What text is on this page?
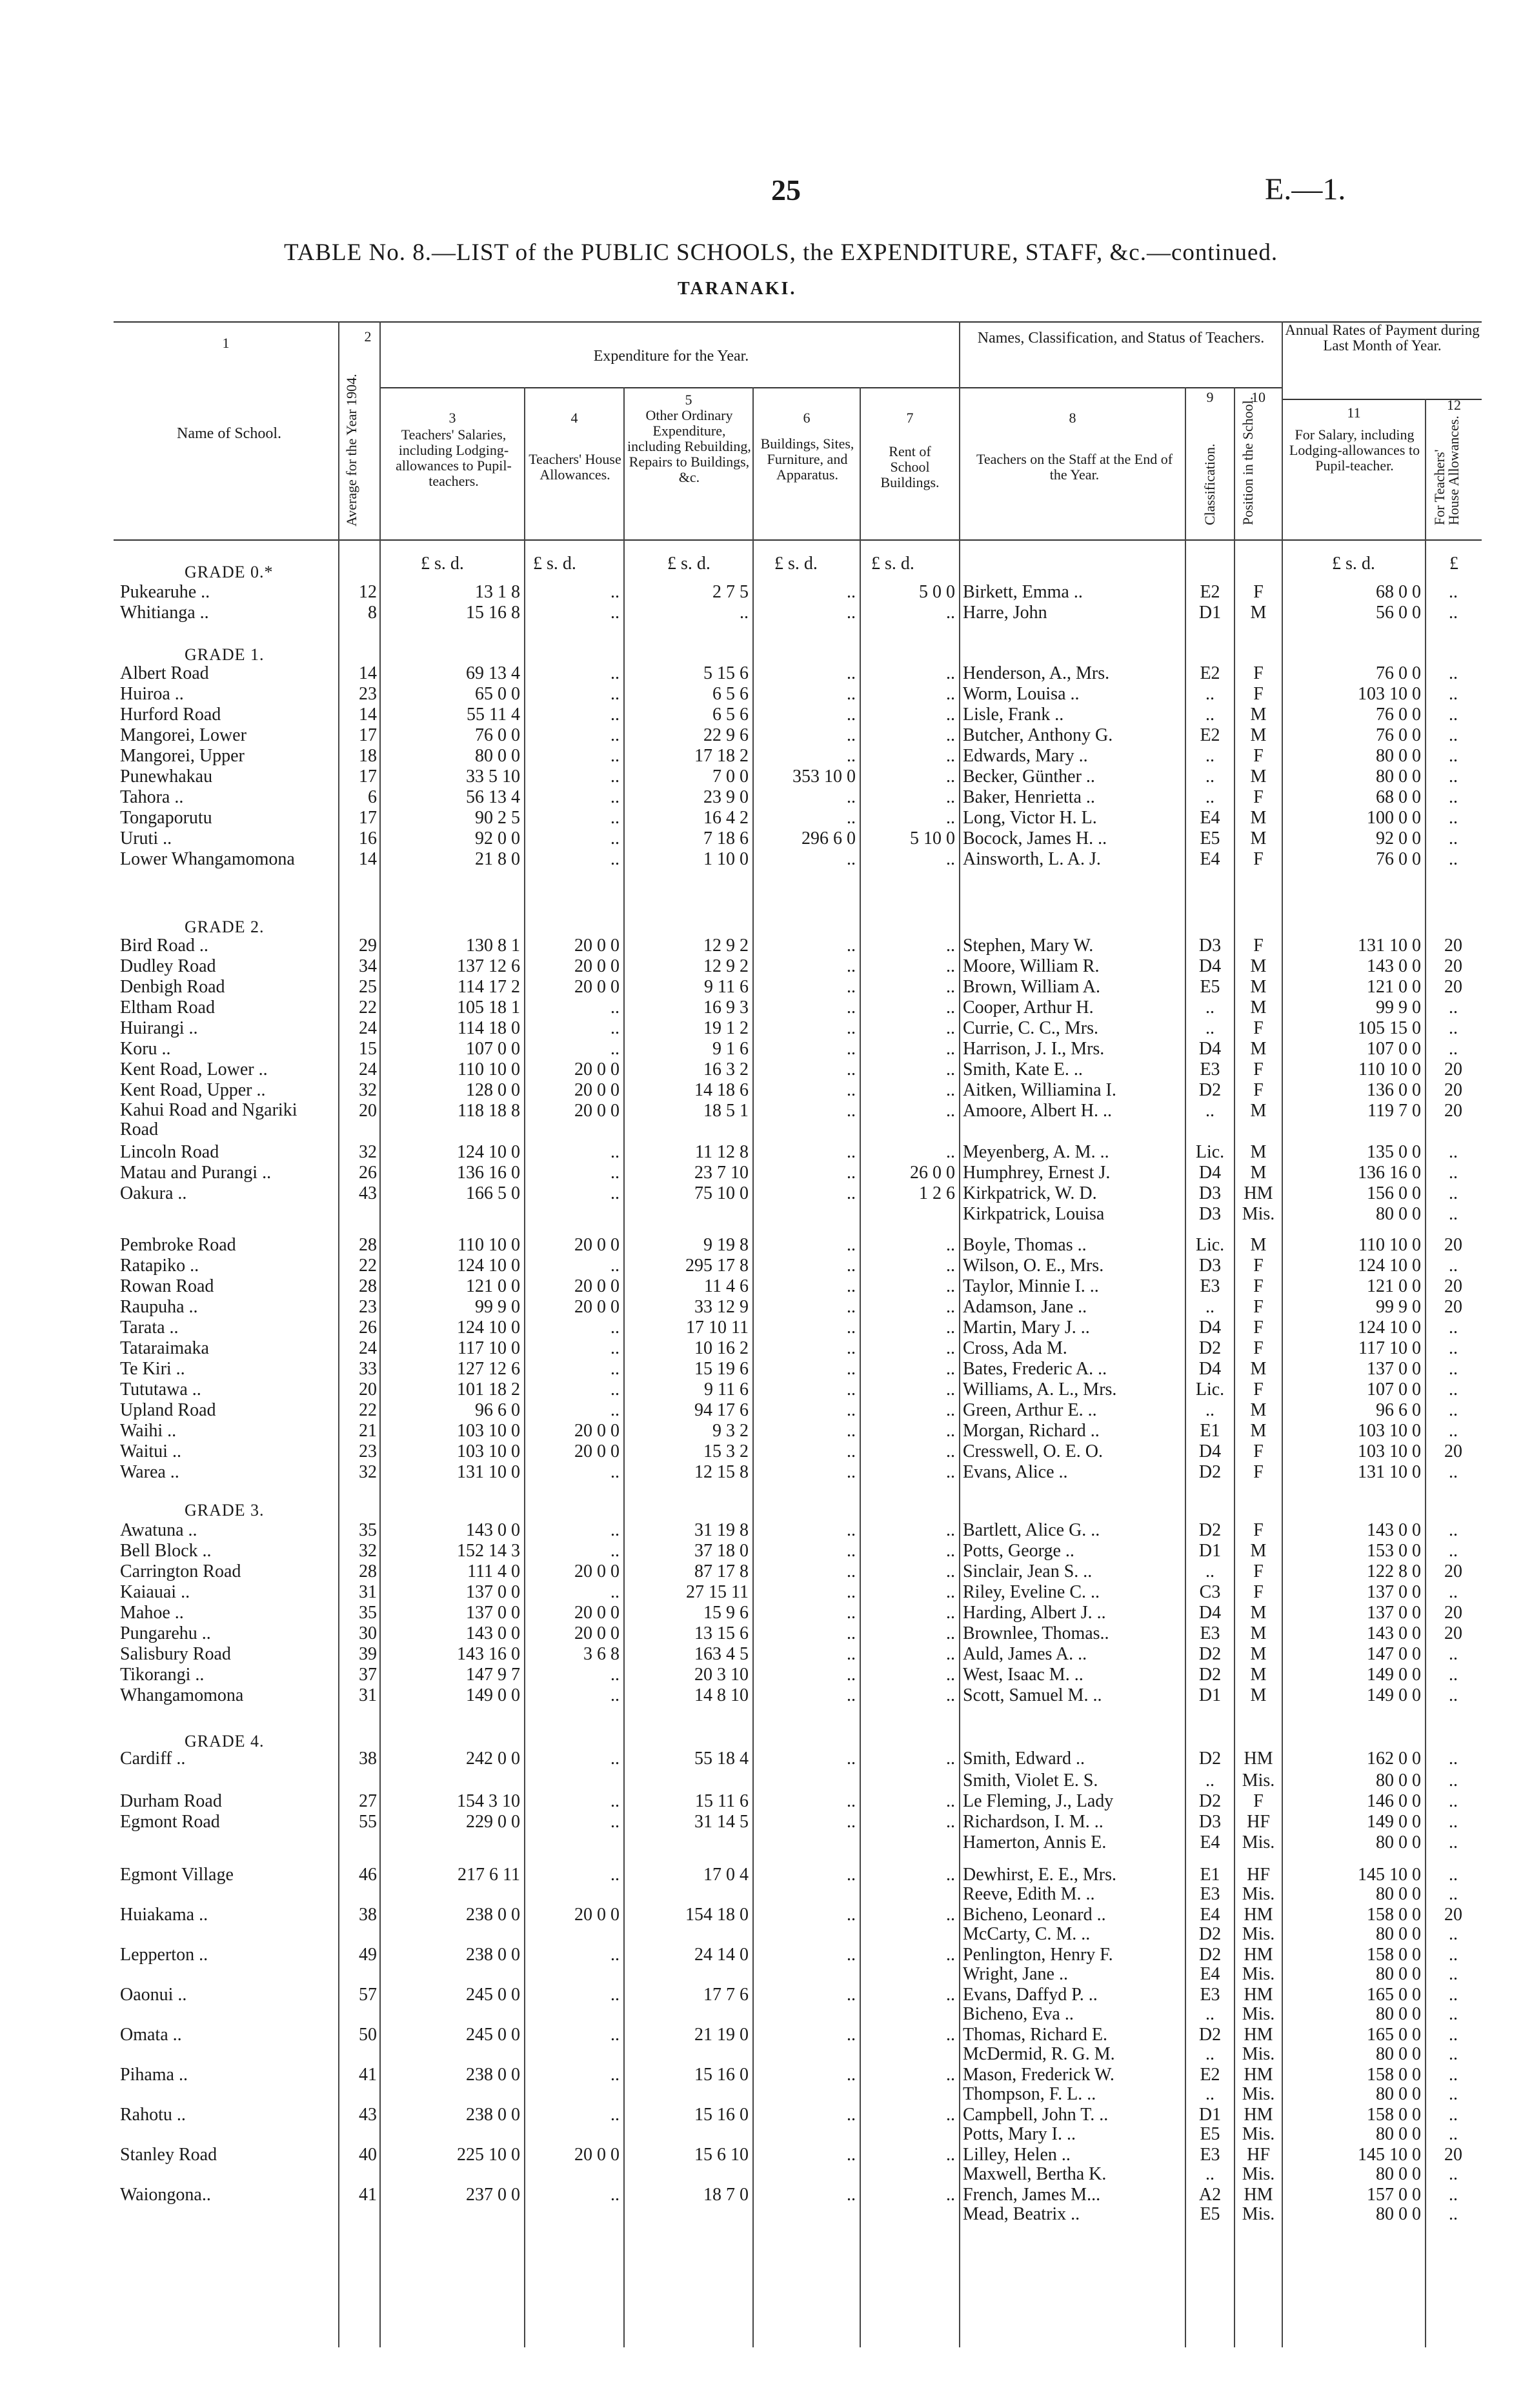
25	E.—1.
TABLE No. 8.—LIST of the PUBLIC SCHOOLS, the EXPENDITURE, STAFF, &c.—continued.
TARANAKI.
1
Name of School.	Average for the Year 1904.
2
Expenditure for the Year.
Names, Classification, and Status of Teachers.	Annual Rates of Payment during Last Month of Year.
3
Teachers' Salaries, including Lodging-allowances to Pupil-teachers.
4
Teachers' House Allowances.
5
Other Ordinary Expenditure, including Rebuilding, Repairs to Buildings, &c.
6
Buildings, Sites, Furniture, and Apparatus.
7
Rent of School Buildings.
8
Teachers on the Staff at the End of the Year.
9
Classification.
10
Position in the School.	11
For Salary, including Lodging-allowances to Pupil-teacher.
12
For Teachers' House Allowances.
£ s. d.	£ s. d.	£ s. d.	£ s. d.	£ s. d.	£ s. d.	£
GRADE 0.*
GRADE 1.
GRADE 2.
GRADE 3.
GRADE 4.
Pukearuhe ..	12	13 1 8	..	2 7 5	..	5 0 0 Birkett, Emma ..	E2	F	68 0 0	..
Whitianga ..	8	15 16 8	..	..	..	.. Harre, John	D1	M	56 0 0	..
Albert Road	14	69 13 4	..	5 15 6	..	.. Henderson, A., Mrs.	E2	F	76 0 0	..
Huiroa ..	23	65 0 0	..	6 5 6	..	.. Worm, Louisa ..	..	F	103 10 0	..
Hurford Road	14	55 11 4	..	6 5 6	..	.. Lisle, Frank ..	..	M	76 0 0	..
Mangorei, Lower	17	76 0 0	..	22 9 6	..	.. Butcher, Anthony G.	E2	M	76 0 0	..
Mangorei, Upper	18	80 0 0	..	17 18 2	..	.. Edwards, Mary ..	..	F	80 0 0	..
Punewhakau	17	33 5 10	..	7 0 0	353 10 0	.. Becker, Günther ..	..	M	80 0 0	..
Tahora ..	6	56 13 4	..	23 9 0	..	.. Baker, Henrietta ..	..	F	68 0 0	..
Tongaporutu	17	90 2 5	..	16 4 2	..	.. Long, Victor H. L.	E4	M	100 0 0	..
Uruti ..	16	92 0 0	..	7 18 6	296 6 0	5 10 0 Bocock, James H. ..	E5	M	92 0 0	..
Lower Whangamomona	14	21 8 0	..	1 10 0	..	.. Ainsworth, L. A. J.	E4	F	76 0 0	..
Bird Road ..	29	130 8 1	20 0 0	12 9 2	..	.. Stephen, Mary W.	D3	F	131 10 0	20
Dudley Road	34	137 12 6	20 0 0	12 9 2	..	.. Moore, William R.	D4	M	143 0 0	20
Denbigh Road	25	114 17 2	20 0 0	9 11 6	..	.. Brown, William A.	E5	M	121 0 0	20
Eltham Road	22	105 18 1	..	16 9 3	..	.. Cooper, Arthur H.	..	M	99 9 0	..
Huirangi ..	24	114 18 0	..	19 1 2	..	.. Currie, C. C., Mrs.	..	F	105 15 0	..
Koru ..	15	107 0 0	..	9 1 6	..	.. Harrison, J. I., Mrs.	D4	M	107 0 0	..
Kent Road, Lower ..	24	110 10 0	20 0 0	16 3 2	..	.. Smith, Kate E. ..	E3	F	110 10 0	20
Kent Road, Upper ..	32	128 0 0	20 0 0	14 18 6	..	.. Aitken, Williamina I.	D2	F	136 0 0	20
Kahui Road and Ngariki Road
20	118 18 8	20 0 0	18 5 1	..	.. Amoore, Albert H. ..	..	M	119 7 0	20
Lincoln Road	32	124 10 0	..	11 12 8	..	.. Meyenberg, A. M. ..	Lic.	M	135 0 0	..
Matau and Purangi ..	26	136 16 0	..	23 7 10	..	26 0 0 Humphrey, Ernest J.	D4	M	136 16 0	..
Oakura ..	43	166 5 0	..	75 10 0	..	1 2 6 Kirkpatrick, W. D.	D3	HM	156 0 0	..
Kirkpatrick, Louisa	D3	Mis.	80 0 0	..
Pembroke Road	28	110 10 0	20 0 0	9 19 8	..	.. Boyle, Thomas ..	Lic.	M	110 10 0	20
Ratapiko ..	22	124 10 0	..	295 17 8	..	.. Wilson, O. E., Mrs.	D3	F	124 10 0	..
Rowan Road	28	121 0 0	20 0 0	11 4 6	..	.. Taylor, Minnie I. ..	E3	F	121 0 0	20
Raupuha ..	23	99 9 0	20 0 0	33 12 9	..	.. Adamson, Jane ..	..	F	99 9 0	20
Tarata ..	26	124 10 0	..	17 10 11	..	.. Martin, Mary J. ..	D4	F	124 10 0	..
Tataraimaka	24	117 10 0	..	10 16 2	..	.. Cross, Ada M.	D2	F	117 10 0	..
Te Kiri ..	33	127 12 6	..	15 19 6	..	.. Bates, Frederic A. ..	D4	M	137 0 0	..
Tututawa ..	20	101 18 2	..	9 11 6	..	.. Williams, A. L., Mrs.	Lic.	F	107 0 0	..
Upland Road	22	96 6 0	..	94 17 6	..	.. Green, Arthur E. ..	..	M	96 6 0	..
Waihi ..	21	103 10 0	20 0 0	9 3 2	..	.. Morgan, Richard ..	E1	M	103 10 0	..
Waitui ..	23	103 10 0	20 0 0	15 3 2	..	.. Cresswell, O. E. O.	D4	F	103 10 0	20
Warea ..	32	131 10 0	..	12 15 8	..	.. Evans, Alice ..	D2	F	131 10 0	..
Awatuna ..	35	143 0 0	..	31 19 8	..	.. Bartlett, Alice G. ..	D2	F	143 0 0	..
Bell Block ..	32	152 14 3	..	37 18 0	..	.. Potts, George ..	D1	M	153 0 0	..
Carrington Road	28	111 4 0	20 0 0	87 17 8	..	.. Sinclair, Jean S. ..	..	F	122 8 0	20
Kaiauai ..	31	137 0 0	..	27 15 11	..	.. Riley, Eveline C. ..	C3	F	137 0 0	..
Mahoe ..	35	137 0 0	20 0 0	15 9 6	..	.. Harding, Albert J. ..	D4	M	137 0 0	20
Pungarehu ..	30	143 0 0	20 0 0	13 15 6	..	.. Brownlee, Thomas..	E3	M	143 0 0	20
Salisbury Road	39	143 16 0	3 6 8	163 4 5	..	.. Auld, James A. ..	D2	M	147 0 0	..
Tikorangi ..	37	147 9 7	..	20 3 10	..	.. West, Isaac M. ..	D2	M	149 0 0	..
Whangamomona	31	149 0 0	..	14 8 10	..	.. Scott, Samuel M. ..	D1	M	149 0 0	..
Cardiff ..	38	242 0 0	..	55 18 4	..	.. Smith, Edward ..	D2	HM	162 0 0	..
Smith, Violet E. S.	..	Mis.	80 0 0	..
Durham Road	27	154 3 10	..	15 11 6	..	.. Le Fleming, J., Lady	D2	F	146 0 0	..
Egmont Road	55	229 0 0	..	31 14 5	..	.. Richardson, I. M. ..	D3	HF	149 0 0	..
Hamerton, Annis E.	E4	Mis.	80 0 0	..
Egmont Village	46	217 6 11	..	17 0 4	..	.. Dewhirst, E. E., Mrs.	E1	HF	145 10 0	..
Reeve, Edith M. ..	E3	Mis.	80 0 0	..
Huiakama ..	38	238 0 0	20 0 0	154 18 0	..	.. Bicheno, Leonard ..	E4	HM	158 0 0	20
McCarty, C. M. ..	D2	Mis.	80 0 0	..
Lepperton ..	49	238 0 0	..	24 14 0	..	.. Penlington, Henry F.	D2	HM	158 0 0	..
Wright, Jane ..	E4	Mis.	80 0 0	..
Oaonui ..	57	245 0 0	..	17 7 6	..	.. Evans, Daffyd P. ..	E3	HM	165 0 0	..
Bicheno, Eva ..	..	Mis.	80 0 0	..
Omata ..	50	245 0 0	..	21 19 0	..	.. Thomas, Richard E.	D2	HM	165 0 0	..
McDermid, R. G. M.	..	Mis.	80 0 0	..
Pihama ..	41	238 0 0	..	15 16 0	..	.. Mason, Frederick W.	E2	HM	158 0 0	..
Thompson, F. L. ..	..	Mis.	80 0 0	..
Rahotu ..	43	238 0 0	..	15 16 0	..	.. Campbell, John T. ..	D1	HM	158 0 0	..
Potts, Mary I. ..	E5	Mis.	80 0 0	..
Stanley Road	40	225 10 0	20 0 0	15 6 10	..	.. Lilley, Helen ..	E3	HF	145 10 0	20
Maxwell, Bertha K.	..	Mis.	80 0 0	..
Waiongona..	41	237 0 0	..	18 7 0	..	.. French, James M...	A2	HM	157 0 0	..
Mead, Beatrix ..	E5	Mis.	80 0 0	..
